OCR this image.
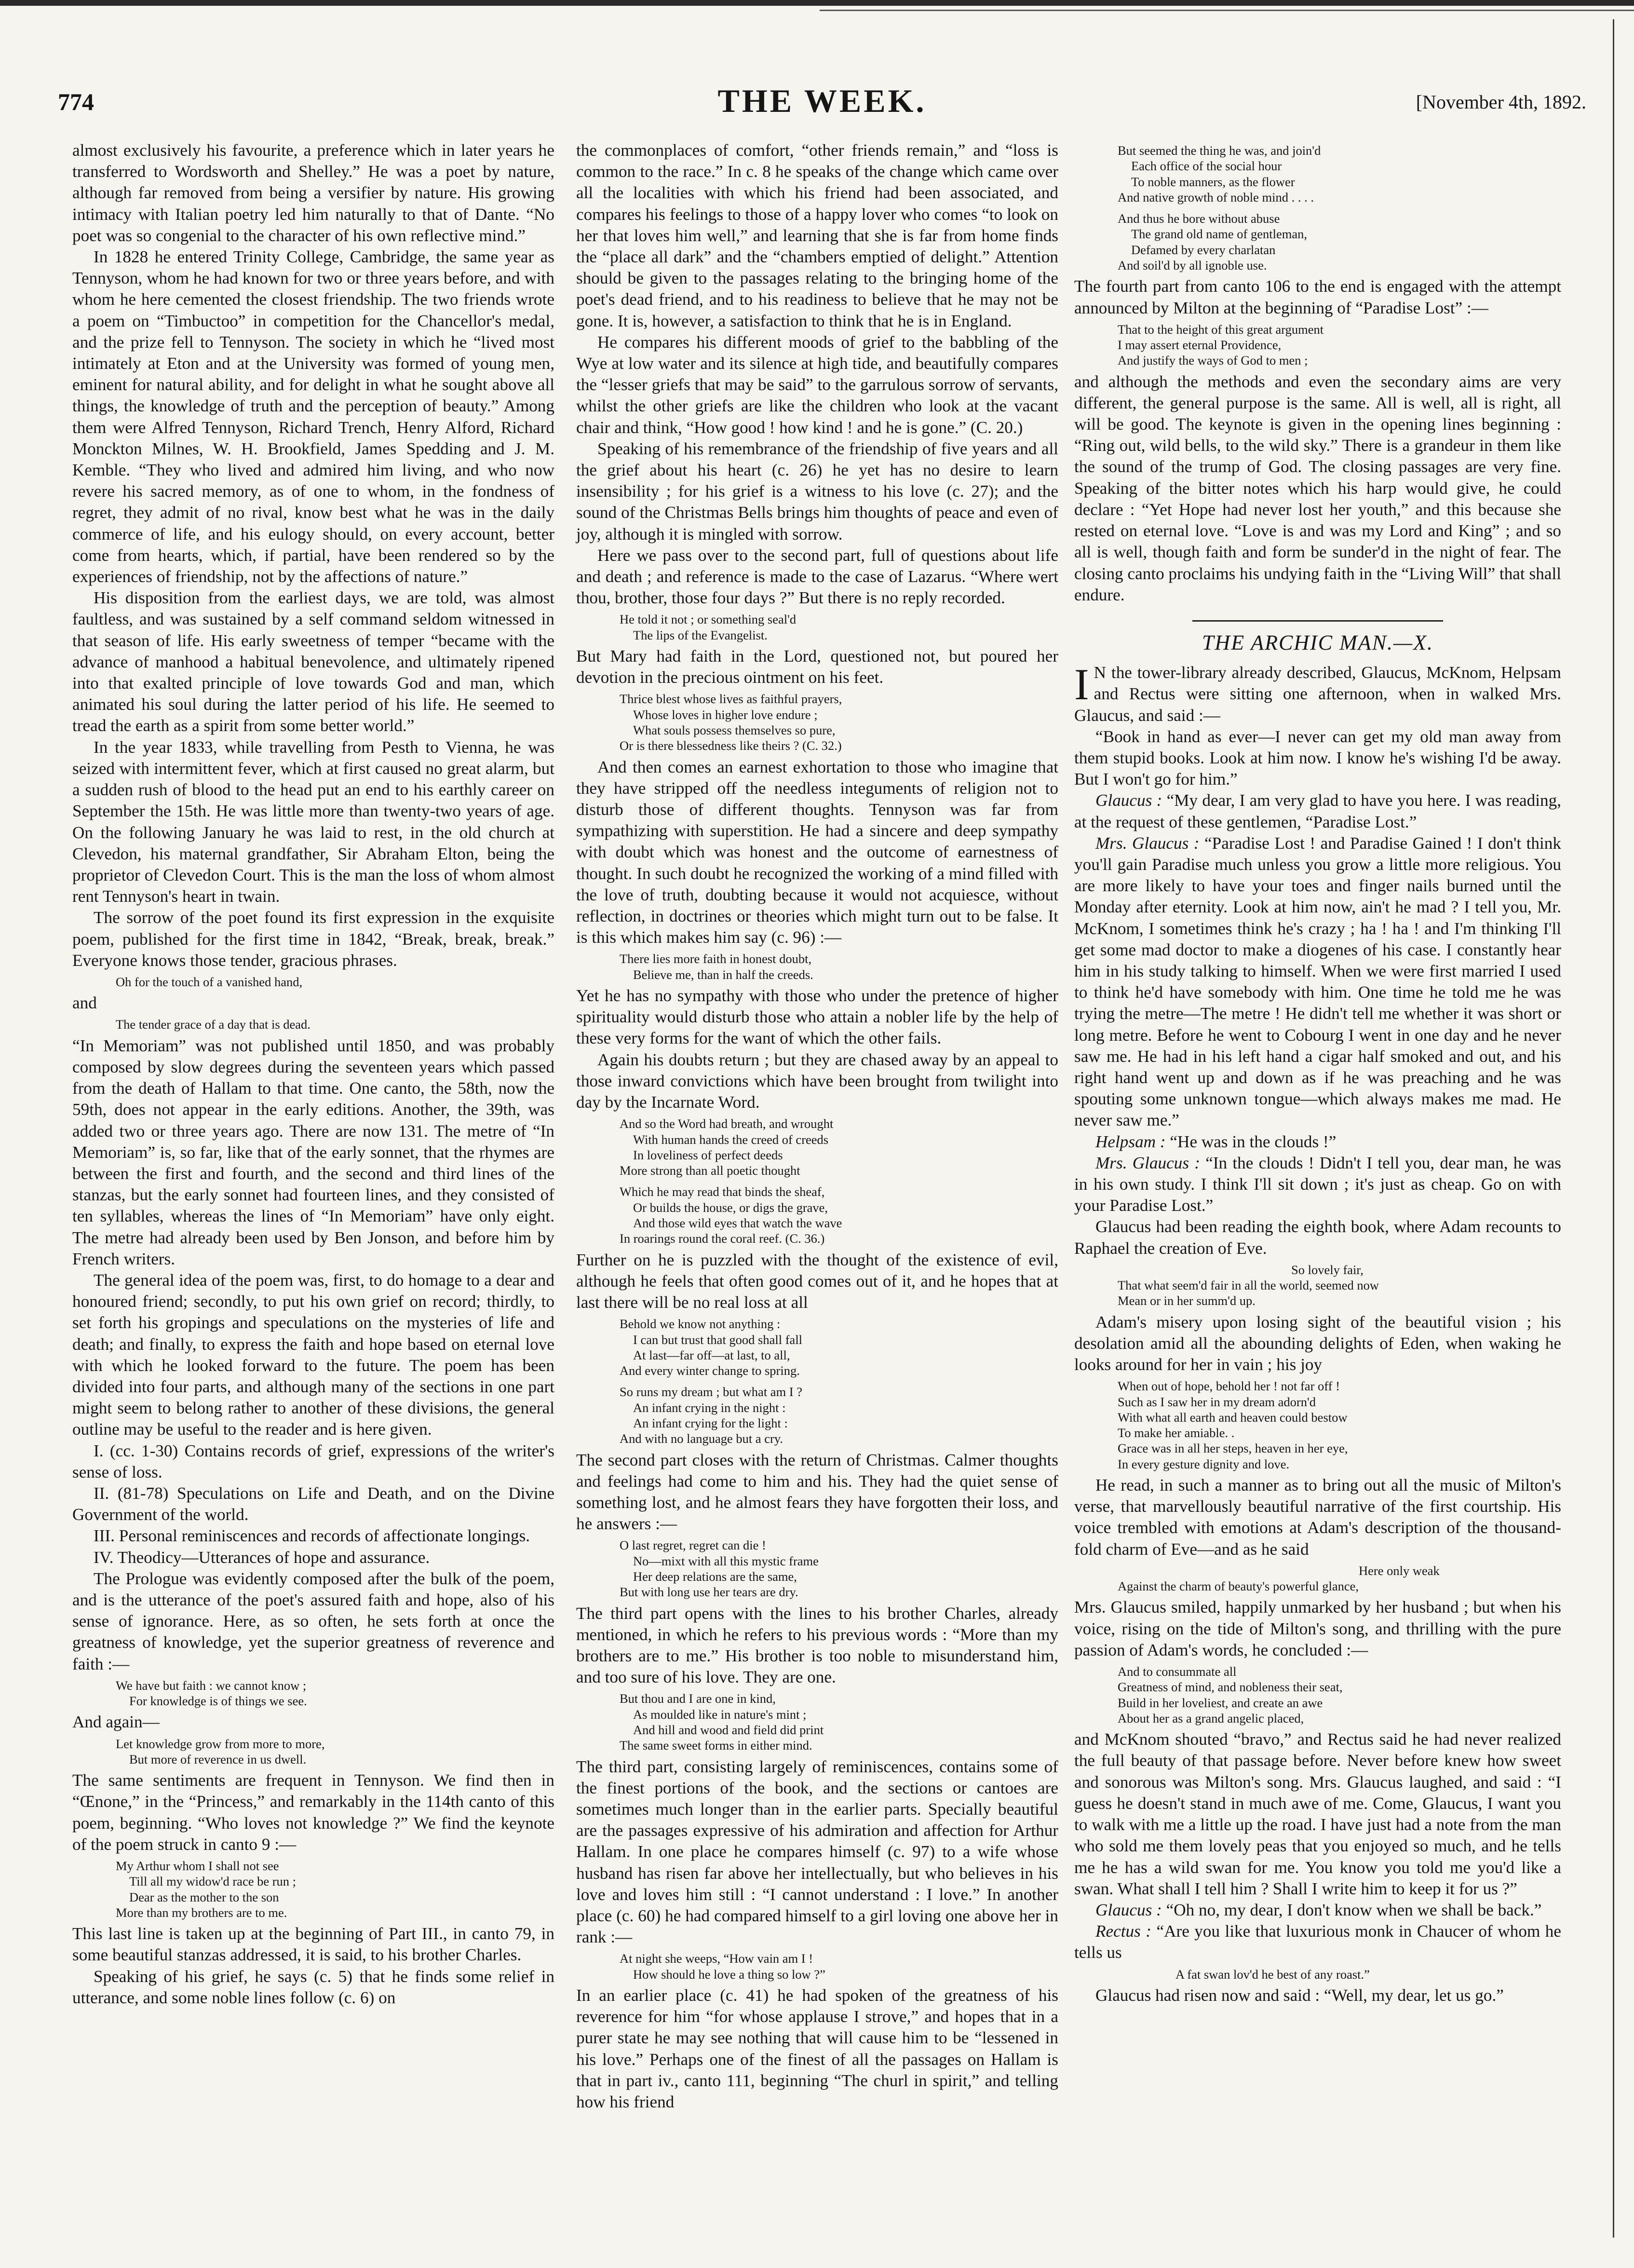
774	THE WEEK.	[November 4th, 1892.

almost exclusively his favourite, a preference which in later years he transferred to Wordsworth and Shelley.” He was a poet by nature, although far removed from being a versifier by nature. His growing intimacy with Italian poetry led him naturally to that of Dante. “No poet was so congenial to the character of his own reflective mind.”

In 1828 he entered Trinity College, Cambridge, the same year as Tennyson, whom he had known for two or three years before, and with whom he here cemented the closest friendship. The two friends wrote a poem on “Timbuctoo” in competition for the Chancellor's medal, and the prize fell to Tennyson. The society in which he “lived most intimately at Eton and at the University was formed of young men, eminent for natural ability, and for delight in what he sought above all things, the knowledge of truth and the perception of beauty.” Among them were Alfred Tennyson, Richard Trench, Henry Alford, Richard Monckton Milnes, W. H. Brookfield, James Spedding and J. M. Kemble. “They who lived and admired him living, and who now revere his sacred memory, as of one to whom, in the fondness of regret, they admit of no rival, know best what he was in the daily commerce of life, and his eulogy should, on every account, better come from hearts, which, if partial, have been rendered so by the experiences of friendship, not by the affections of nature.”

His disposition from the earliest days, we are told, was almost faultless, and was sustained by a self command seldom witnessed in that season of life. His early sweetness of temper “became with the advance of manhood a habitual benevolence, and ultimately ripened into that exalted principle of love towards God and man, which animated his soul during the latter period of his life. He seemed to tread the earth as a spirit from some better world.”

In the year 1833, while travelling from Pesth to Vienna, he was seized with intermittent fever, which at first caused no great alarm, but a sudden rush of blood to the head put an end to his earthly career on September the 15th. He was little more than twenty-two years of age. On the following January he was laid to rest, in the old church at Clevedon, his maternal grandfather, Sir Abraham Elton, being the proprietor of Clevedon Court. This is the man the loss of whom almost rent Tennyson's heart in twain.

The sorrow of the poet found its first expression in the exquisite poem, published for the first time in 1842, “Break, break, break.” Everyone knows those tender, gracious phrases.

Oh for the touch of a vanished hand,

and

The tender grace of a day that is dead.

“In Memoriam” was not published until 1850, and was probably composed by slow degrees during the seventeen years which passed from the death of Hallam to that time. One canto, the 58th, now the 59th, does not appear in the early editions. Another, the 39th, was added two or three years ago. There are now 131. The metre of “In Memoriam” is, so far, like that of the early sonnet, that the rhymes are between the first and fourth, and the second and third lines of the stanzas, but the early sonnet had fourteen lines, and they consisted of ten syllables, whereas the lines of “In Memoriam” have only eight. The metre had already been used by Ben Jonson, and before him by French writers.

The general idea of the poem was, first, to do homage to a dear and honoured friend; secondly, to put his own grief on record; thirdly, to set forth his gropings and speculations on the mysteries of life and death; and finally, to express the faith and hope based on eternal love with which he looked forward to the future. The poem has been divided into four parts, and although many of the sections in one part might seem to belong rather to another of these divisions, the general outline may be useful to the reader and is here given.

I. (cc. 1-30) Contains records of grief, expressions of the writer's sense of loss.

II. (81-78) Speculations on Life and Death, and on the Divine Government of the world.

III. Personal reminiscences and records of affectionate longings.

IV. Theodicy—Utterances of hope and assurance.

The Prologue was evidently composed after the bulk of the poem, and is the utterance of the poet's assured faith and hope, also of his sense of ignorance. Here, as so often, he sets forth at once the greatness of knowledge, yet the superior greatness of reverence and faith :—

We have but faith : we cannot know ;
For knowledge is of things we see.

And again—

Let knowledge grow from more to more,
But more of reverence in us dwell.

The same sentiments are frequent in Tennyson. We find then in “Œnone,” in the “Princess,” and remarkably in the 114th canto of this poem, beginning. “Who loves not knowledge ?” We find the keynote of the poem struck in canto 9 :—

My Arthur whom I shall not see
Till all my widow'd race be run ;
Dear as the mother to the son
More than my brothers are to me.

This last line is taken up at the beginning of Part III., in canto 79, in some beautiful stanzas addressed, it is said, to his brother Charles.

Speaking of his grief, he says (c. 5) that he finds some relief in utterance, and some noble lines follow (c. 6) on

the commonplaces of comfort, “other friends remain,” and “loss is common to the race.” In c. 8 he speaks of the change which came over all the localities with which his friend had been associated, and compares his feelings to those of a happy lover who comes “to look on her that loves him well,” and learning that she is far from home finds the “place all dark” and the “chambers emptied of delight.” Attention should be given to the passages relating to the bringing home of the poet's dead friend, and to his readiness to believe that he may not be gone. It is, however, a satisfaction to think that he is in England.

He compares his different moods of grief to the babbling of the Wye at low water and its silence at high tide, and beautifully compares the “lesser griefs that may be said” to the garrulous sorrow of servants, whilst the other griefs are like the children who look at the vacant chair and think, “How good ! how kind ! and he is gone.” (C. 20.)

Speaking of his remembrance of the friendship of five years and all the grief about his heart (c. 26) he yet has no desire to learn insensibility ; for his grief is a witness to his love (c. 27); and the sound of the Christmas Bells brings him thoughts of peace and even of joy, although it is mingled with sorrow.

Here we pass over to the second part, full of questions about life and death ; and reference is made to the case of Lazarus. “Where wert thou, brother, those four days ?” But there is no reply recorded.

He told it not ; or something seal'd
The lips of the Evangelist.

But Mary had faith in the Lord, questioned not, but poured her devotion in the precious ointment on his feet.

Thrice blest whose lives as faithful prayers,
Whose loves in higher love endure ;
What souls possess themselves so pure,
Or is there blessedness like theirs ? (C. 32.)

And then comes an earnest exhortation to those who imagine that they have stripped off the needless integuments of religion not to disturb those of different thoughts. Tennyson was far from sympathizing with superstition. He had a sincere and deep sympathy with doubt which was honest and the outcome of earnestness of thought. In such doubt he recognized the working of a mind filled with the love of truth, doubting because it would not acquiesce, without reflection, in doctrines or theories which might turn out to be false. It is this which makes him say (c. 96) :—

There lies more faith in honest doubt,
Believe me, than in half the creeds.

Yet he has no sympathy with those who under the pretence of higher spirituality would disturb those who attain a nobler life by the help of these very forms for the want of which the other fails.

Again his doubts return ; but they are chased away by an appeal to those inward convictions which have been brought from twilight into day by the Incarnate Word.

And so the Word had breath, and wrought
With human hands the creed of creeds
In loveliness of perfect deeds
More strong than all poetic thought
Which he may read that binds the sheaf,
Or builds the house, or digs the grave,
And those wild eyes that watch the wave
In roarings round the coral reef. (C. 36.)

Further on he is puzzled with the thought of the existence of evil, although he feels that often good comes out of it, and he hopes that at last there will be no real loss at all

Behold we know not anything :
I can but trust that good shall fall
At last—far off—at last, to all,
And every winter change to spring.
So runs my dream ; but what am I ?
An infant crying in the night :
An infant crying for the light :
And with no language but a cry.

The second part closes with the return of Christmas. Calmer thoughts and feelings had come to him and his. They had the quiet sense of something lost, and he almost fears they have forgotten their loss, and he answers :—

O last regret, regret can die !
No—mixt with all this mystic frame
Her deep relations are the same,
But with long use her tears are dry.

The third part opens with the lines to his brother Charles, already mentioned, in which he refers to his previous words : “More than my brothers are to me.” His brother is too noble to misunderstand him, and too sure of his love. They are one.

But thou and I are one in kind,
As moulded like in nature's mint ;
And hill and wood and field did print
The same sweet forms in either mind.

The third part, consisting largely of reminiscences, contains some of the finest portions of the book, and the sections or cantoes are sometimes much longer than in the earlier parts. Specially beautiful are the passages expressive of his admiration and affection for Arthur Hallam. In one place he compares himself (c. 97) to a wife whose husband has risen far above her intellectually, but who believes in his love and loves him still : “I cannot understand : I love.” In another place (c. 60) he had compared himself to a girl loving one above her in rank :—

At night she weeps, “How vain am I !
How should he love a thing so low ?”

In an earlier place (c. 41) he had spoken of the greatness of his reverence for him “for whose applause I strove,” and hopes that in a purer state he may see nothing that will cause him to be “lessened in his love.” Perhaps one of the finest of all the passages on Hallam is that in part iv., canto 111, beginning “The churl in spirit,” and telling how his friend

But seemed the thing he was, and join'd
Each office of the social hour
To noble manners, as the flower
And native growth of noble mind . . . .
And thus he bore without abuse
The grand old name of gentleman,
Defamed by every charlatan
And soil'd by all ignoble use.

The fourth part from canto 106 to the end is engaged with the attempt announced by Milton at the beginning of “Paradise Lost” :—

That to the height of this great argument
I may assert eternal Providence,
And justify the ways of God to men ;

and although the methods and even the secondary aims are very different, the general purpose is the same. All is well, all is right, all will be good. The keynote is given in the opening lines beginning : “Ring out, wild bells, to the wild sky.” There is a grandeur in them like the sound of the trump of God. The closing passages are very fine. Speaking of the bitter notes which his harp would give, he could declare : “Yet Hope had never lost her youth,” and this because she rested on eternal love. “Love is and was my Lord and King” ; and so all is well, though faith and form be sunder'd in the night of fear. The closing canto proclaims his undying faith in the “Living Will” that shall endure.

THE ARCHIC MAN.—X.

I N the tower-library already described, Glaucus, McKnom, Helpsam and Rectus were sitting one afternoon, when in walked Mrs. Glaucus, and said :—

“Book in hand as ever—I never can get my old man away from them stupid books. Look at him now. I know he's wishing I'd be away. But I won't go for him.”

Glaucus : “My dear, I am very glad to have you here. I was reading, at the request of these gentlemen, “Paradise Lost.”

Mrs. Glaucus : “Paradise Lost ! and Paradise Gained ! I don't think you'll gain Paradise much unless you grow a little more religious. You are more likely to have your toes and finger nails burned until the Monday after eternity. Look at him now, ain't he mad ? I tell you, Mr. McKnom, I sometimes think he's crazy ; ha ! ha ! and I'm thinking I'll get some mad doctor to make a diogenes of his case. I constantly hear him in his study talking to himself. When we were first married I used to think he'd have somebody with him. One time he told me he was trying the metre—The metre ! He didn't tell me whether it was short or long metre. Before he went to Cobourg I went in one day and he never saw me. He had in his left hand a cigar half smoked and out, and his right hand went up and down as if he was preaching and he was spouting some unknown tongue—which always makes me mad. He never saw me.”

Helpsam : “He was in the clouds !”

Mrs. Glaucus : “In the clouds ! Didn't I tell you, dear man, he was in his own study. I think I'll sit down ; it's just as cheap. Go on with your Paradise Lost.”

Glaucus had been reading the eighth book, where Adam recounts to Raphael the creation of Eve.

So lovely fair,
That what seem'd fair in all the world, seemed now
Mean or in her summ'd up.

Adam's misery upon losing sight of the beautiful vision ; his desolation amid all the abounding delights of Eden, when waking he looks around for her in vain ; his joy

When out of hope, behold her ! not far off !
Such as I saw her in my dream adorn'd
With what all earth and heaven could bestow
To make her amiable. .
Grace was in all her steps, heaven in her eye,
In every gesture dignity and love.

He read, in such a manner as to bring out all the music of Milton's verse, that marvellously beautiful narrative of the first courtship. His voice trembled with emotions at Adam's description of the thousand-fold charm of Eve—and as he said

Here only weak
Against the charm of beauty's powerful glance,

Mrs. Glaucus smiled, happily unmarked by her husband ; but when his voice, rising on the tide of Milton's song, and thrilling with the pure passion of Adam's words, he concluded :—

And to consummate all
Greatness of mind, and nobleness their seat,
Build in her loveliest, and create an awe
About her as a grand angelic placed,

and McKnom shouted “bravo,” and Rectus said he had never realized the full beauty of that passage before. Never before knew how sweet and sonorous was Milton's song. Mrs. Glaucus laughed, and said : “I guess he doesn't stand in much awe of me. Come, Glaucus, I want you to walk with me a little up the road. I have just had a note from the man who sold me them lovely peas that you enjoyed so much, and he tells me he has a wild swan for me. You know you told me you'd like a swan. What shall I tell him ? Shall I write him to keep it for us ?”

Glaucus : “Oh no, my dear, I don't know when we shall be back.”

Rectus : “Are you like that luxurious monk in Chaucer of whom he tells us

A fat swan lov'd he best of any roast.”

Glaucus had risen now and said : “Well, my dear, let us go.”
